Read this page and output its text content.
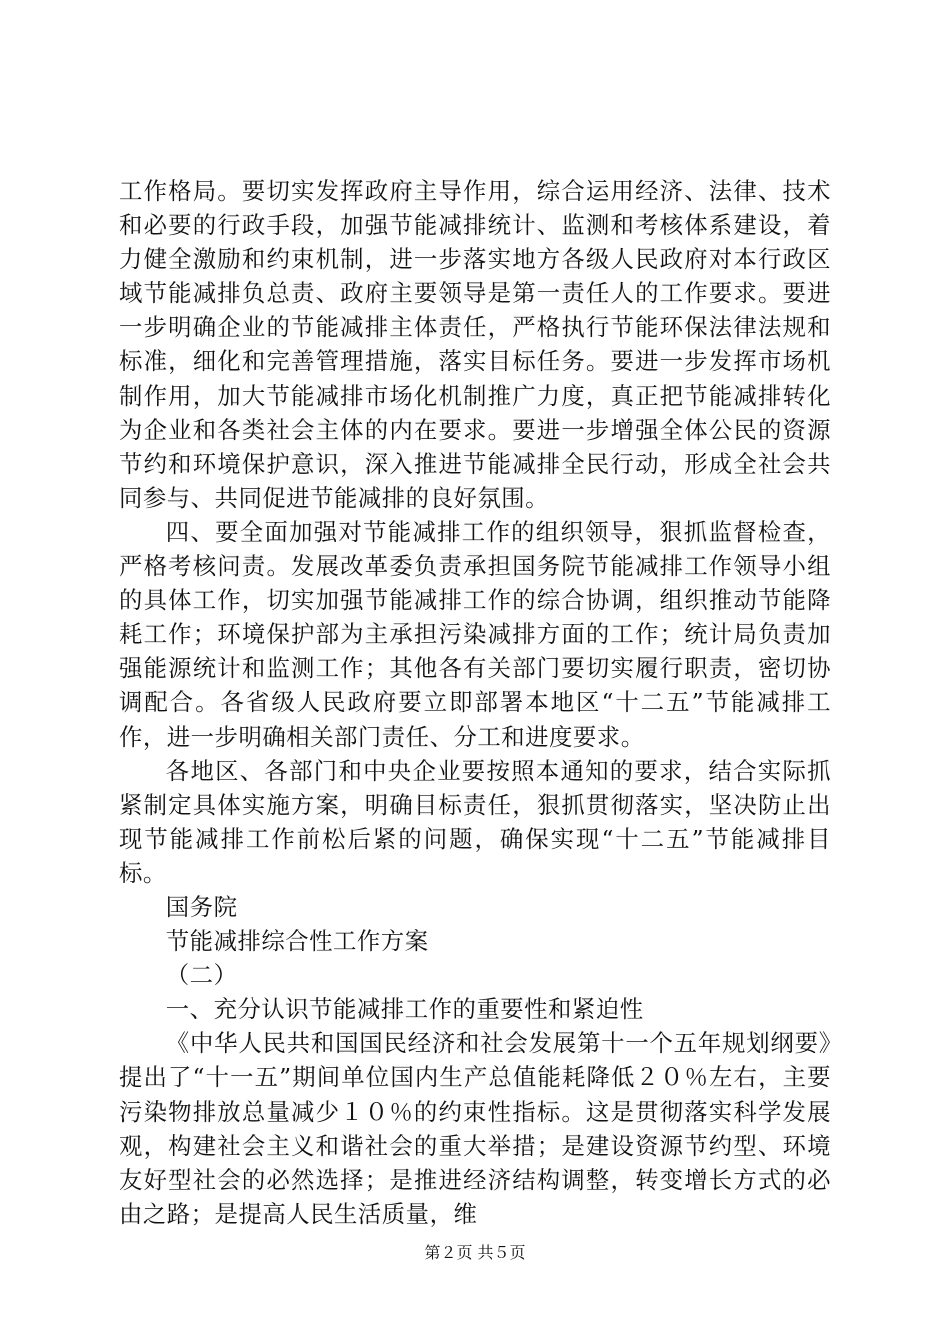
工作格局。要切实发挥政府主导作用，综合运用经济、法律、技术和必要的行政手段，加强节能减排统计、监测和考核体系建设，着力健全激励和约束机制，进一步落实地方各级人民政府对本行政区域节能减排负总责、政府主要领导是第一责任人的工作要求。要进一步明确企业的节能减排主体责任，严格执行节能环保法律法规和标准，细化和完善管理措施，落实目标任务。要进一步发挥市场机制作用，加大节能减排市场化机制推广力度，真正把节能减排转化为企业和各类社会主体的内在要求。要进一步增强全体公民的资源节约和环境保护意识，深入推进节能减排全民行动，形成全社会共同参与、共同促进节能减排的良好氛围。

四、要全面加强对节能减排工作的组织领导，狠抓监督检查，严格考核问责。发展改革委负责承担国务院节能减排工作领导小组的具体工作，切实加强节能减排工作的综合协调，组织推动节能降耗工作；环境保护部为主承担污染减排方面的工作；统计局负责加强能源统计和监测工作；其他各有关部门要切实履行职责，密切协调配合。各省级人民政府要立即部署本地区“十二五”节能减排工作，进一步明确相关部门责任、分工和进度要求。

各地区、各部门和中央企业要按照本通知的要求，结合实际抓紧制定具体实施方案，明确目标责任，狠抓贯彻落实，坚决防止出现节能减排工作前松后紧的问题，确保实现“十二五”节能减排目标。

国务院

节能减排综合性工作方案

（二）

一、充分认识节能减排工作的重要性和紧迫性

《中华人民共和国国民经济和社会发展第十一个五年规划纲要》提出了“十一五”期间单位国内生产总值能耗降低２０％左右，主要污染物排放总量减少１０％的约束性指标。这是贯彻落实科学发展观，构建社会主义和谐社会的重大举措；是建设资源节约型、环境友好型社会的必然选择；是推进经济结构调整，转变增长方式的必由之路；是提高人民生活质量，维

第２页 共５页
